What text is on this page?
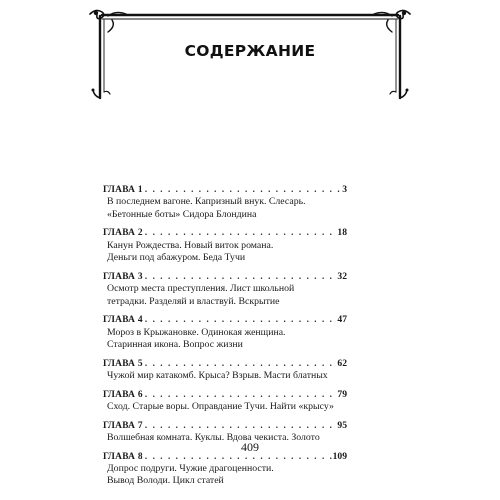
СОДЕРЖАНИЕ
ГЛАВА 1 . . .	3
В последнем вагоне. Капризный внук. Слесарь.
«Бетонные боты» Сидора Блондина
ГЛАВА 2 . . .	18
Канун Рождества. Новый виток романа.
Деньги под абажуром. Беда Тучи
ГЛАВА 3 . . .	32
Осмотр места преступления. Лист школьной
тетрадки. Разделяй и властвуй. Вскрытие
ГЛАВА 4 . . .	47
Мороз в Крыжановке. Одинокая женщина.
Старинная икона. Вопрос жизни
ГЛАВА 5 . . .	62
Чужой мир катакомб. Крыса? Взрыв. Масти блатных
ГЛАВА 6 . . .	79
Сход. Старые воры. Оправдание Тучи. Найти «крысу»
ГЛАВА 7 . . .	95
Волшебная комната. Куклы. Вдова чекиста. Золото
ГЛАВА 8 . . .	109
Допрос подруги. Чужие драгоценности.
Вывод Володи. Цикл статей
409
